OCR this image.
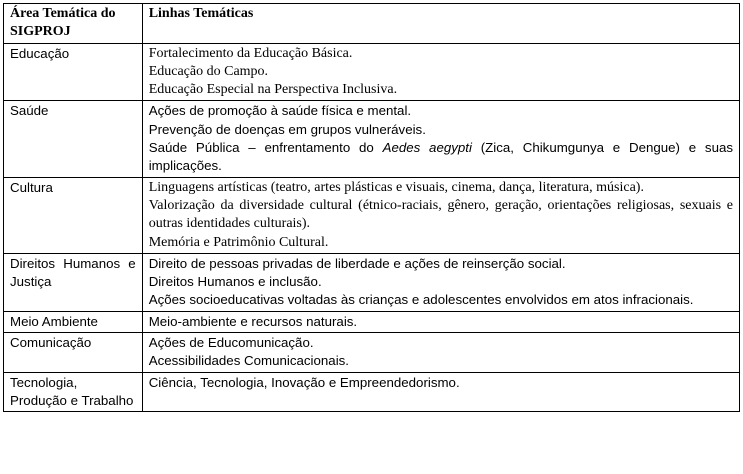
Área Temática do SIGPROJ	Linhas Temáticas
Educação	Fortalecimento da Educação Básica.
Educação do Campo.
Educação Especial na Perspectiva Inclusiva.

Saúde	Ações de promoção à saúde física e mental.
Prevenção de doenças em grupos vulneráveis.
Saúde Pública – enfrentamento do Aedes aegypti (Zica, Chikumgunya e Dengue) e suas implicações.

Cultura	Linguagens artísticas (teatro, artes plásticas e visuais, cinema, dança, literatura, música).
Valorização da diversidade cultural (étnico-raciais, gênero, geração, orientações religiosas, sexuais e outras identidades culturais).
Memória e Patrimônio Cultural.

Direitos Humanos e Justiça	Direito de pessoas privadas de liberdade e ações de reinserção social.
Direitos Humanos e inclusão.
Ações socioeducativas voltadas às crianças e adolescentes envolvidos em atos infracionais.

Meio Ambiente	Meio-ambiente e recursos naturais.

Comunicação	Ações de Educomunicação.
Acessibilidades Comunicacionais.

Tecnologia, Produção e Trabalho	Ciência, Tecnologia, Inovação e Empreendedorismo.
